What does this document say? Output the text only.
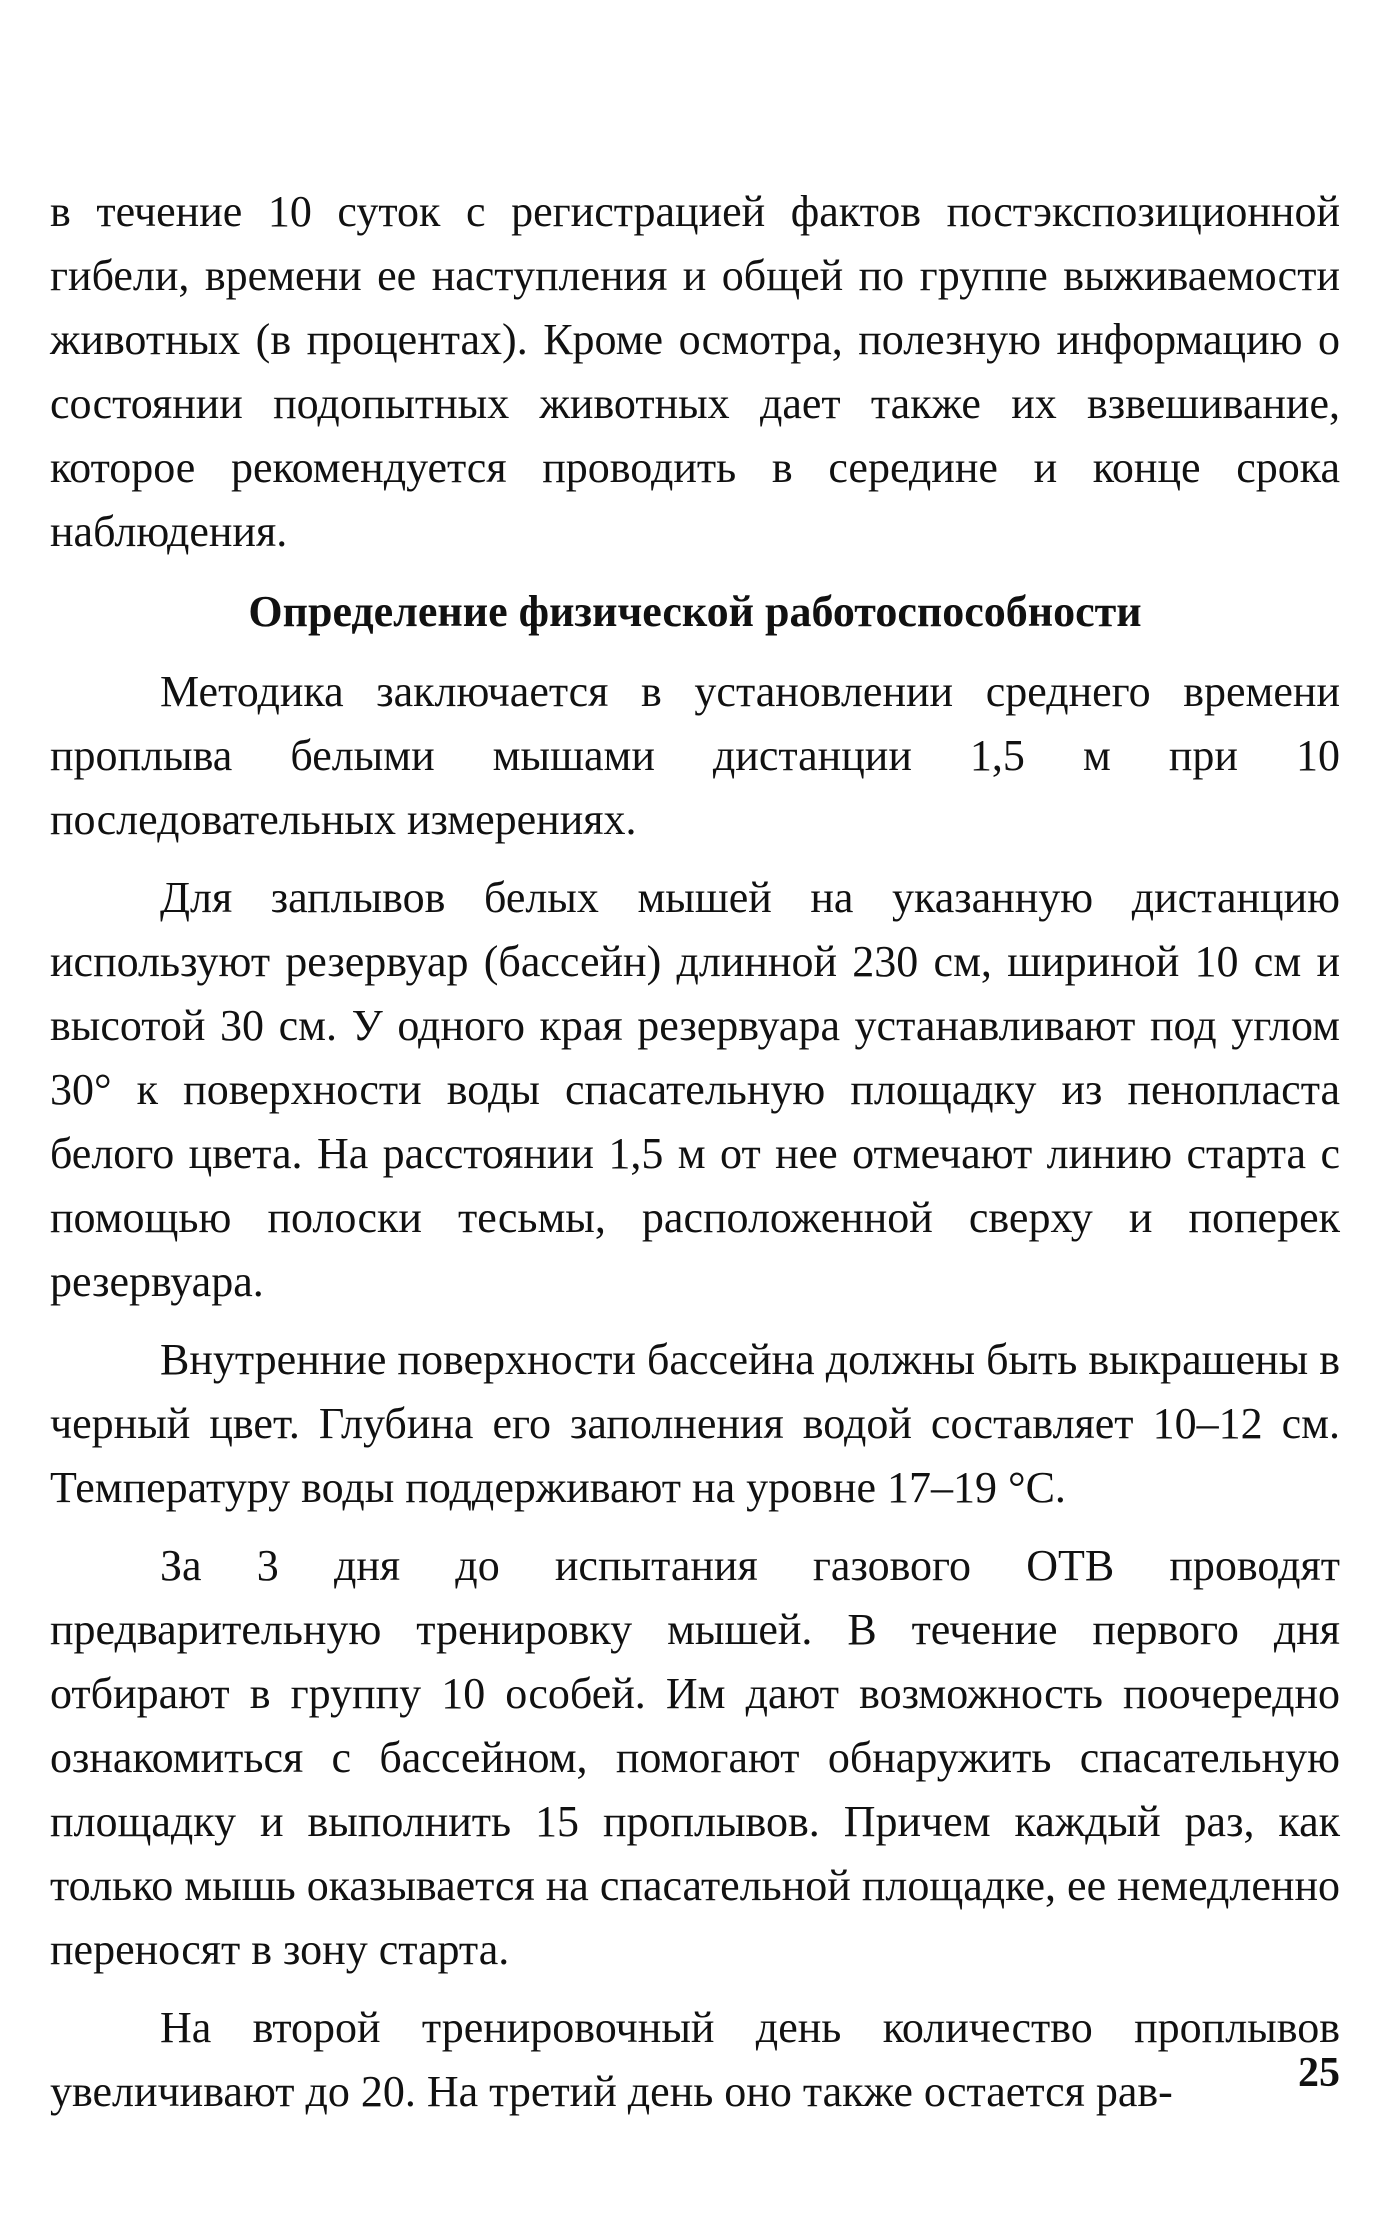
в течение 10 суток с регистрацией фактов постэкспозиционной гибели, времени ее наступления и общей по группе выживаемости животных (в процентах). Кроме осмотра, полезную информацию о состоянии подопытных животных дает также их взвешивание, которое рекомендуется проводить в середине и конце срока наблюдения.

Определение физической работоспособности

Методика заключается в установлении среднего времени проплыва белыми мышами дистанции 1,5 м при 10 последовательных измерениях.

Для заплывов белых мышей на указанную дистанцию используют резервуар (бассейн) длинной 230 см, шириной 10 см и высотой 30 см. У одного края резервуара устанавливают под углом 30° к поверхности воды спасательную площадку из пенопласта белого цвета. На расстоянии 1,5 м от нее отмечают линию старта с помощью полоски тесьмы, расположенной сверху и поперек резервуара.

Внутренние поверхности бассейна должны быть выкрашены в черный цвет. Глубина его заполнения водой составляет 10–12 см. Температуру воды поддерживают на уровне 17–19 °С.

За 3 дня до испытания газового ОТВ проводят предварительную тренировку мышей. В течение первого дня отбирают в группу 10 особей. Им дают возможность поочередно ознакомиться с бассейном, помогают обнаружить спасательную площадку и выполнить 15 проплывов. Причем каждый раз, как только мышь оказывается на спасательной площадке, ее немедленно переносят в зону старта.

На второй тренировочный день количество проплывов увеличивают до 20. На третий день оно также остается рав-	25
